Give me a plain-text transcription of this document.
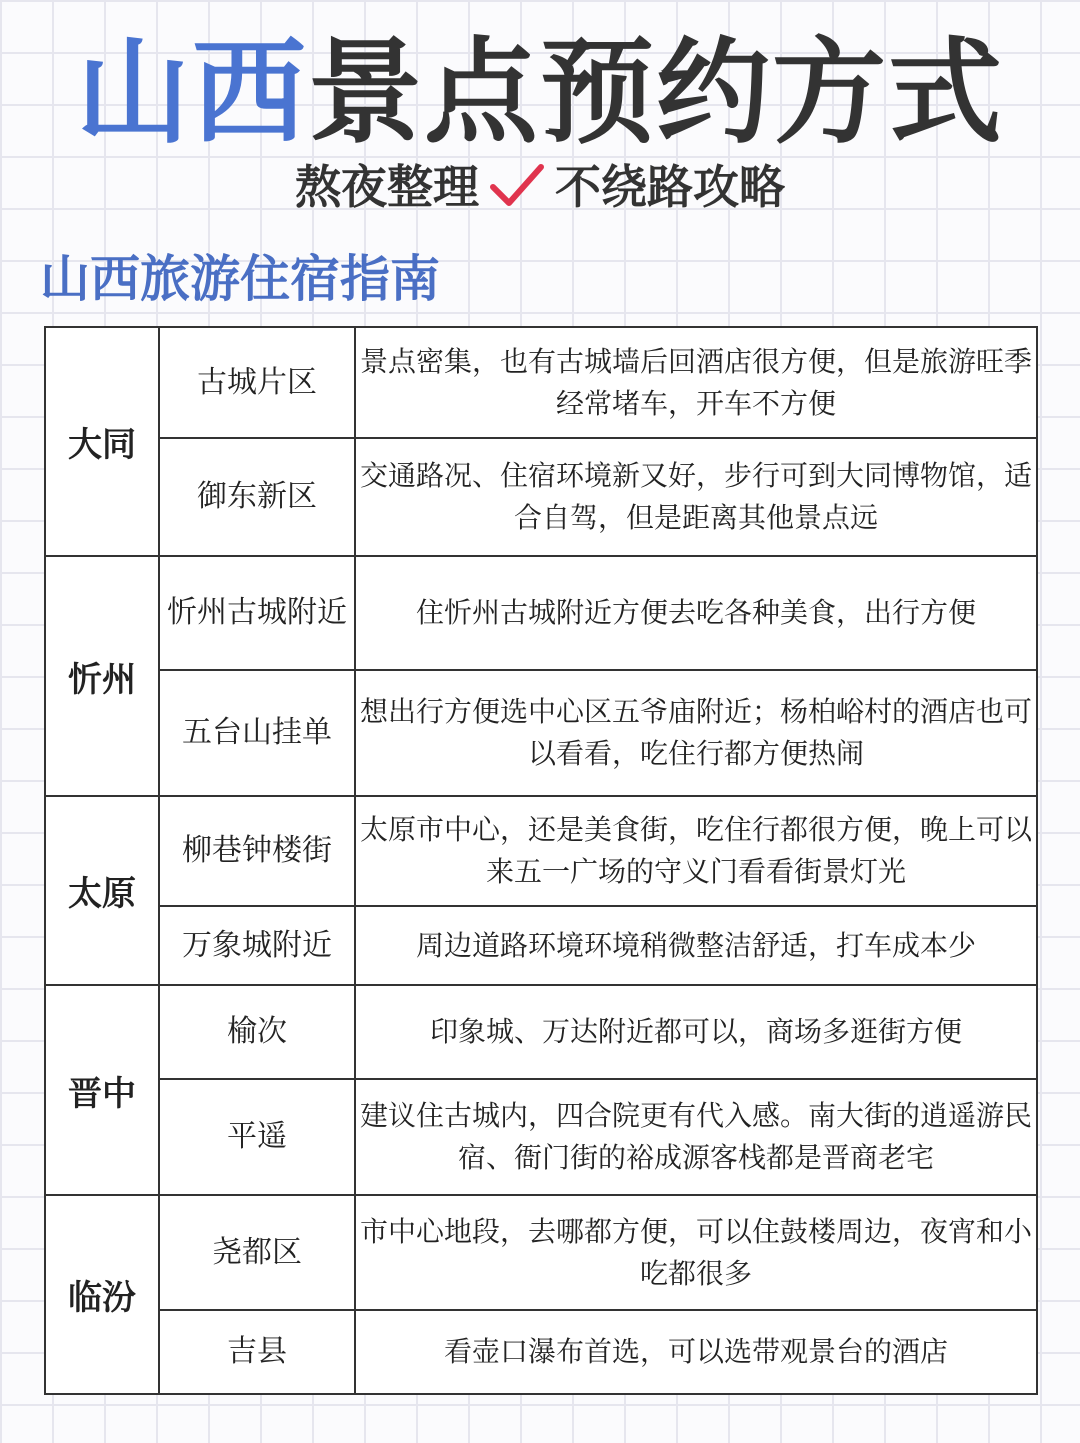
山西景点预约方式
熬夜整理 不绕路攻略
山西旅游住宿指南
大同	古城片区	景点密集，也有古城墙后回酒店很方便，但是旅游旺季经常堵车，开车不方便
	御东新区	交通路况、住宿环境新又好，步行可到大同博物馆，适合自驾，但是距离其他景点远
忻州	忻州古城附近	住忻州古城附近方便去吃各种美食，出行方便
	五台山挂单	想出行方便选中心区五爷庙附近；杨柏峪村的酒店也可以看看，吃住行都方便热闹
太原	柳巷钟楼街	太原市中心，还是美食街，吃住行都很方便，晚上可以来五一广场的守义门看看街景灯光
	万象城附近	周边道路环境环境稍微整洁舒适，打车成本少
晋中	榆次	印象城、万达附近都可以，商场多逛街方便
	平遥	建议住古城内，四合院更有代入感。南大街的逍遥游民宿、衙门街的裕成源客栈都是晋商老宅
临汾	尧都区	市中心地段，去哪都方便，可以住鼓楼周边，夜宵和小吃都很多
	吉县	看壶口瀑布首选，可以选带观景台的酒店
